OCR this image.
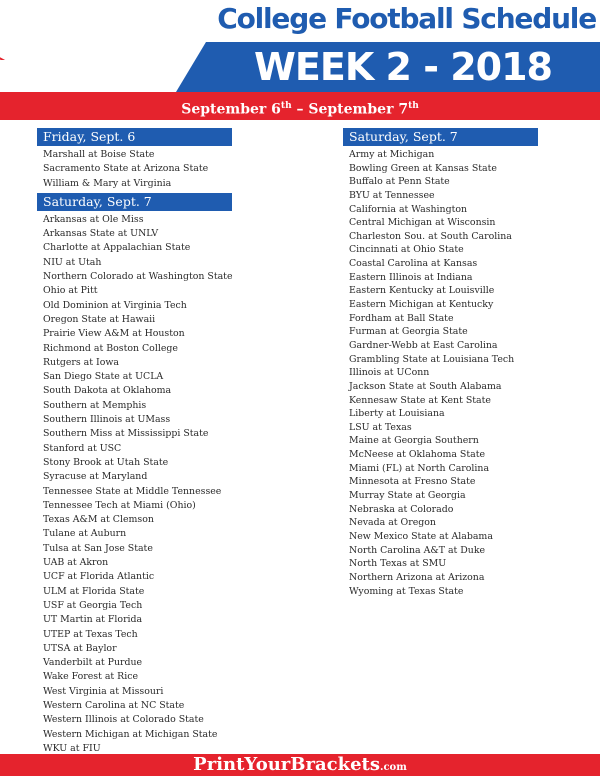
College Football Schedule
WEEK 2 - 2018
September 6th – September 7th
Friday, Sept. 6
Marshall at Boise State
Sacramento State at Arizona State
William & Mary at Virginia
Saturday, Sept. 7
Arkansas at Ole Miss
Arkansas State at UNLV
Charlotte at Appalachian State
NIU at Utah
Northern Colorado at Washington State
Ohio at Pitt
Old Dominion at Virginia Tech
Oregon State at Hawaii
Prairie View A&M at Houston
Richmond at Boston College
Rutgers at Iowa
San Diego State at UCLA
South Dakota at Oklahoma
Southern at Memphis
Southern Illinois at UMass
Southern Miss at Mississippi State
Stanford at USC
Stony Brook at Utah State
Syracuse at Maryland
Tennessee State at Middle Tennessee
Tennessee Tech at Miami (Ohio)
Texas A&M at Clemson
Tulane at Auburn
Tulsa at San Jose State
UAB at Akron
UCF at Florida Atlantic
ULM at Florida State
USF at Georgia Tech
UT Martin at Florida
UTEP at Texas Tech
UTSA at Baylor
Vanderbilt at Purdue
Wake Forest at Rice
West Virginia at Missouri
Western Carolina at NC State
Western Illinois at Colorado State
Western Michigan at Michigan State
WKU at FIU
Saturday, Sept. 7
Army at Michigan
Bowling Green at Kansas State
Buffalo at Penn State
BYU at Tennessee
California at Washington
Central Michigan at Wisconsin
Charleston Sou. at South Carolina
Cincinnati at Ohio State
Coastal Carolina at Kansas
Eastern Illinois at Indiana
Eastern Kentucky at Louisville
Eastern Michigan at Kentucky
Fordham at Ball State
Furman at Georgia State
Gardner-Webb at East Carolina
Grambling State at Louisiana Tech
Illinois at UConn
Jackson State at South Alabama
Kennesaw State at Kent State
Liberty at Louisiana
LSU at Texas
Maine at Georgia Southern
McNeese at Oklahoma State
Miami (FL) at North Carolina
Minnesota at Fresno State
Murray State at Georgia
Nebraska at Colorado
Nevada at Oregon
New Mexico State at Alabama
North Carolina A&T at Duke
North Texas at SMU
Northern Arizona at Arizona
Wyoming at Texas State
PrintYourBrackets.com
